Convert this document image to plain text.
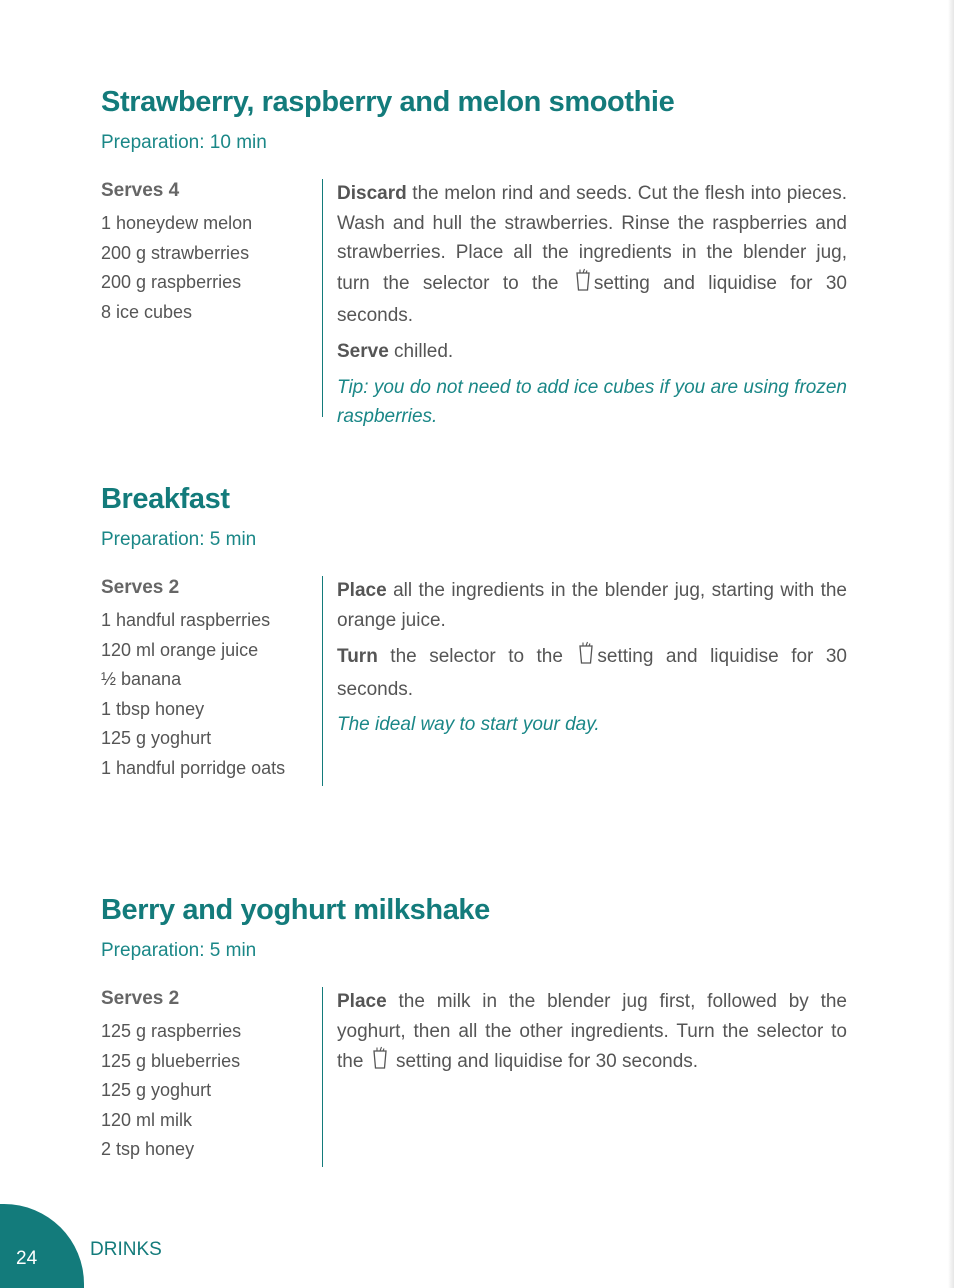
Strawberry, raspberry and melon smoothie
Preparation: 10 min
Serves 4
1 honeydew melon
200 g strawberries
200 g raspberries
8 ice cubes

Discard the melon rind and seeds. Cut the flesh into pieces. Wash and hull the strawberries. Rinse the raspberries and strawberries. Place all the ingredients in the blender jug, turn the selector to the setting and liquidise for 30 seconds.

Serve chilled.

Tip: you do not need to add ice cubes if you are using frozen raspberries.

Breakfast
Preparation: 5 min
Serves 2
1 handful raspberries
120 ml orange juice
½ banana
1 tbsp honey
125 g yoghurt
1 handful porridge oats

Place all the ingredients in the blender jug, starting with the orange juice.

Turn the selector to the setting and liquidise for 30 seconds.

The ideal way to start your day.

Berry and yoghurt milkshake
Preparation: 5 min
Serves 2
125 g raspberries
125 g blueberries
125 g yoghurt
120 ml milk
2 tsp honey

Place the milk in the blender jug first, followed by the yoghurt, then all the other ingredients. Turn the selector to the  setting and liquidise for 30 seconds.

24	DRINKS
